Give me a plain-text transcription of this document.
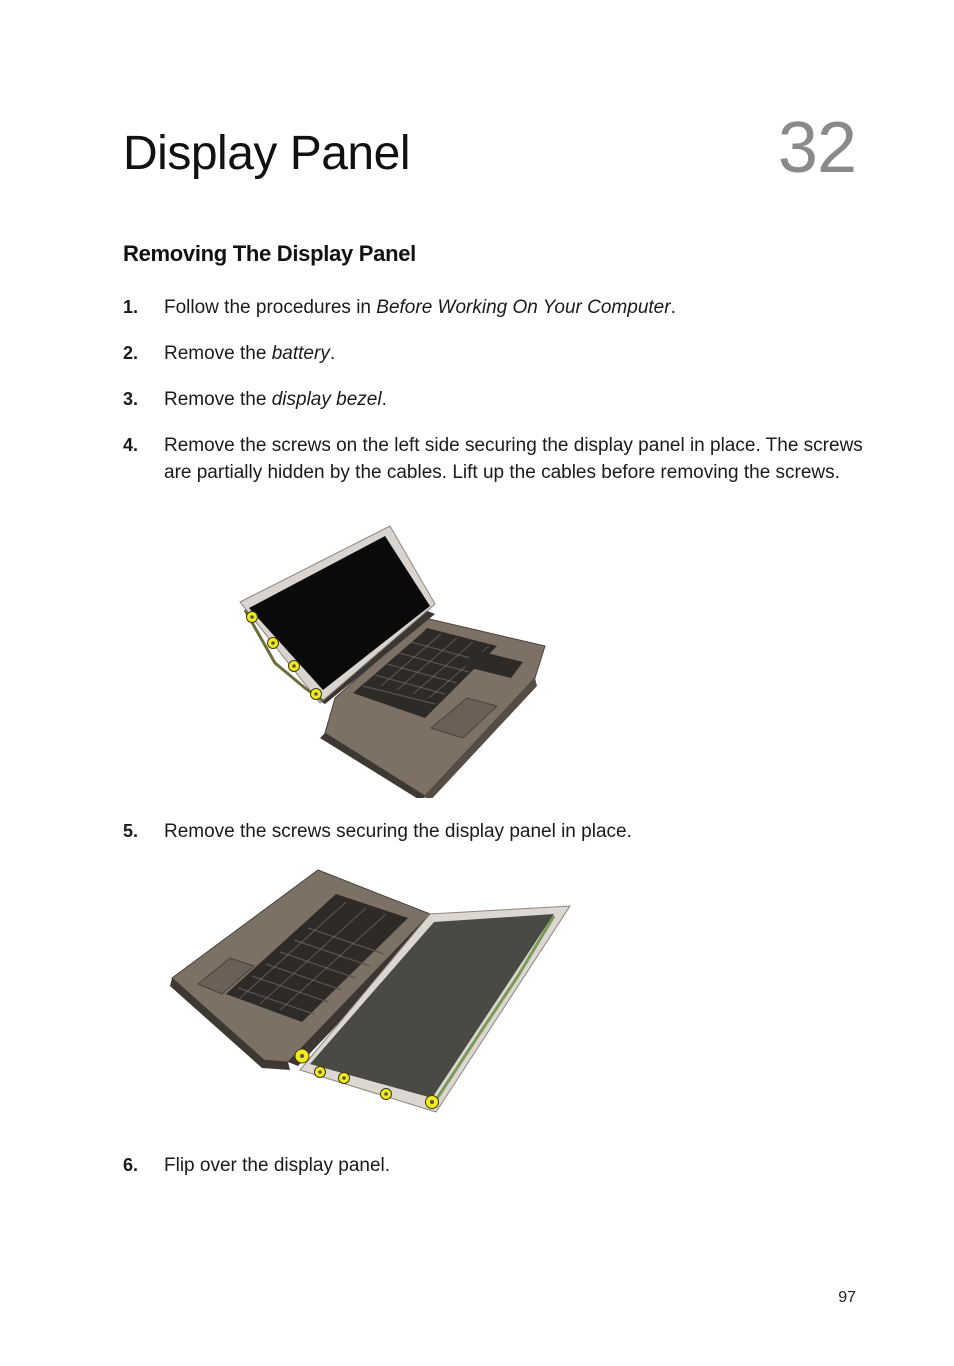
Display Panel	32
Removing The Display Panel
1. Follow the procedures in Before Working On Your Computer.
2. Remove the battery.
3. Remove the display bezel.
4. Remove the screws on the left side securing the display panel in place. The screws are partially hidden by the cables. Lift up the cables before removing the screws.
5. Remove the screws securing the display panel in place.
6. Flip over the display panel.
97
